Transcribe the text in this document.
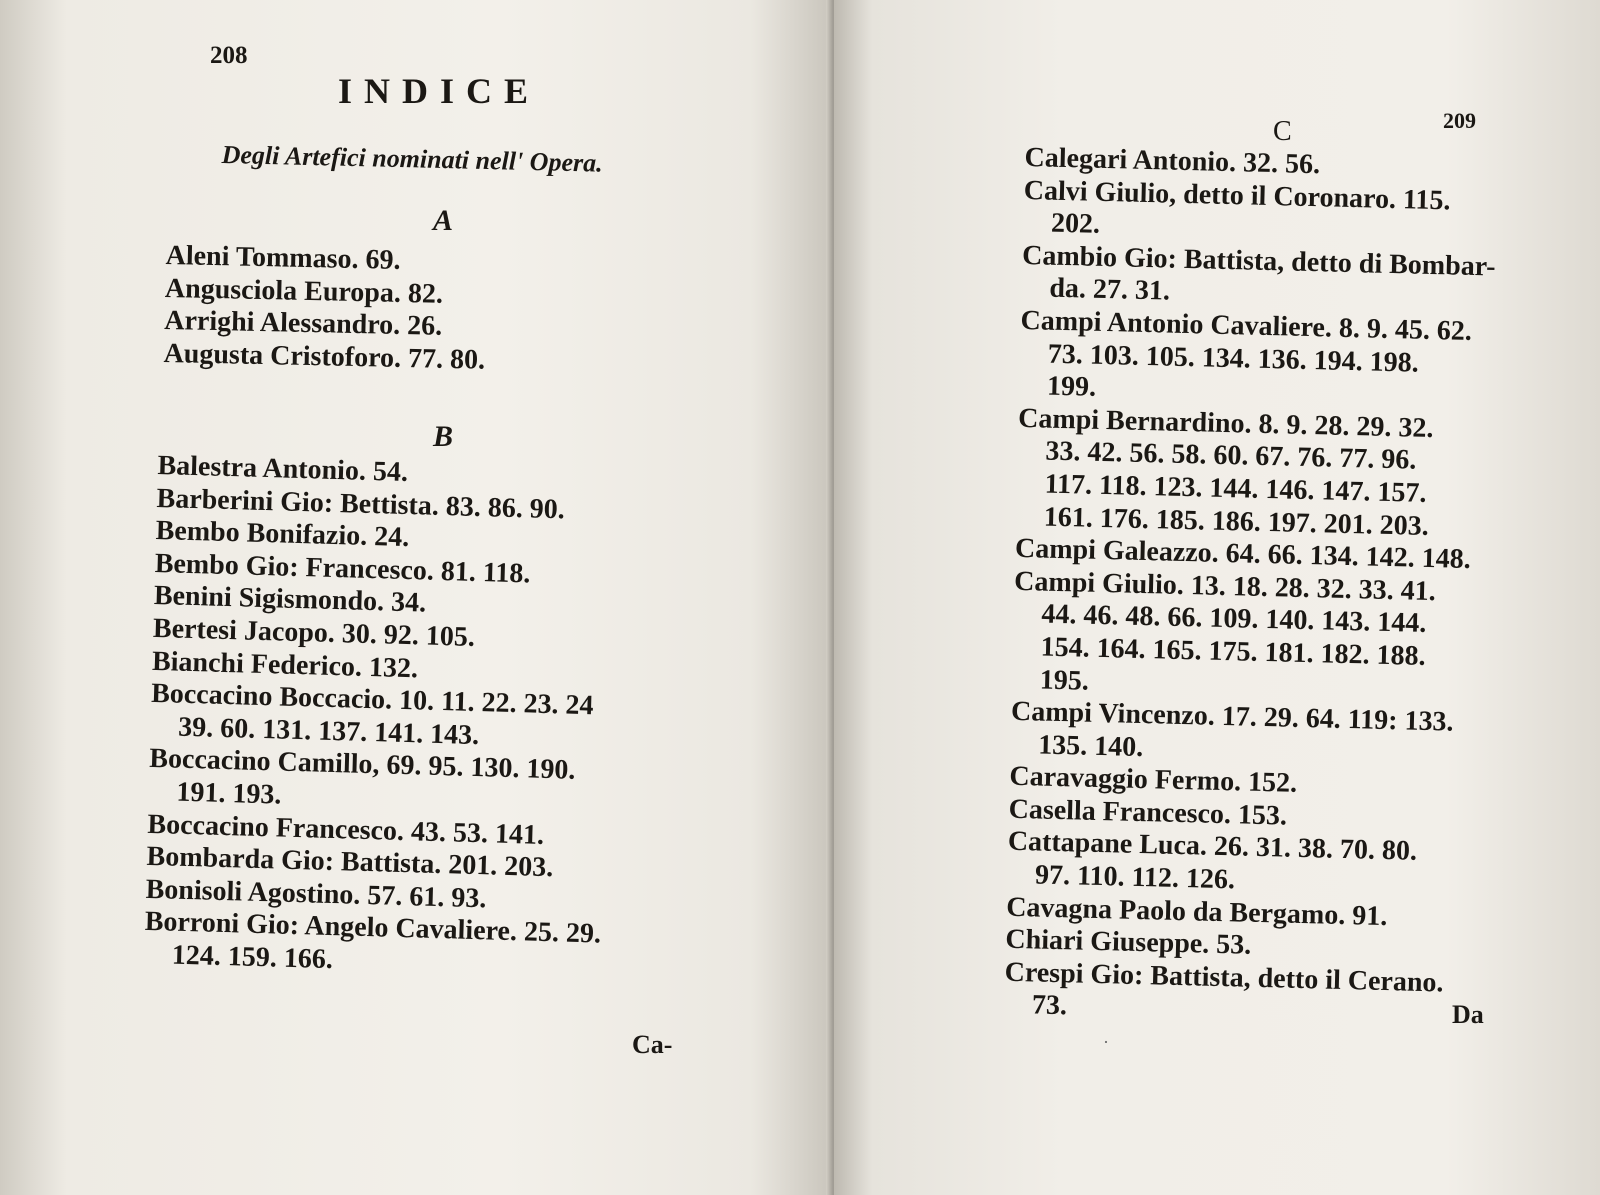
208
INDICE
Degli Artefici nominati nell' Opera.
A
Aleni Tommaso. 69.
Angusciola Europa. 82.
Arrighi Alessandro. 26.
Augusta Cristoforo. 77. 80.
B
Balestra Antonio. 54.
Barberini Gio: Bettista. 83. 86. 90.
Bembo Bonifazio. 24.
Bembo Gio: Francesco. 81. 118.
Benini Sigismondo. 34.
Bertesi Jacopo. 30. 92. 105.
Bianchi Federico. 132.
Boccacino Boccacio. 10. 11. 22. 23. 24
39. 60. 131. 137. 141. 143.
Boccacino Camillo, 69. 95. 130. 190.
191. 193.
Boccacino Francesco. 43. 53. 141.
Bombarda Gio: Battista. 201. 203.
Bonisoli Agostino. 57. 61. 93.
Borroni Gio: Angelo Cavaliere. 25. 29.
124. 159. 166.
Ca-
209
C
Calegari Antonio. 32. 56.
Calvi Giulio, detto il Coronaro. 115.
202.
Cambio Gio: Battista, detto di Bombar-
da. 27. 31.
Campi Antonio Cavaliere. 8. 9. 45. 62.
73. 103. 105. 134. 136. 194. 198.
199.
Campi Bernardino. 8. 9. 28. 29. 32.
33. 42. 56. 58. 60. 67. 76. 77. 96.
117. 118. 123. 144. 146. 147. 157.
161. 176. 185. 186. 197. 201. 203.
Campi Galeazzo. 64. 66. 134. 142. 148.
Campi Giulio. 13. 18. 28. 32. 33. 41.
44. 46. 48. 66. 109. 140. 143. 144.
154. 164. 165. 175. 181. 182. 188.
195.
Campi Vincenzo. 17. 29. 64. 119: 133.
135. 140.
Caravaggio Fermo. 152.
Casella Francesco. 153.
Cattapane Luca. 26. 31. 38. 70. 80.
97. 110. 112. 126.
Cavagna Paolo da Bergamo. 91.
Chiari Giuseppe. 53.
Crespi Gio: Battista, detto il Cerano.
73.	Da
·
